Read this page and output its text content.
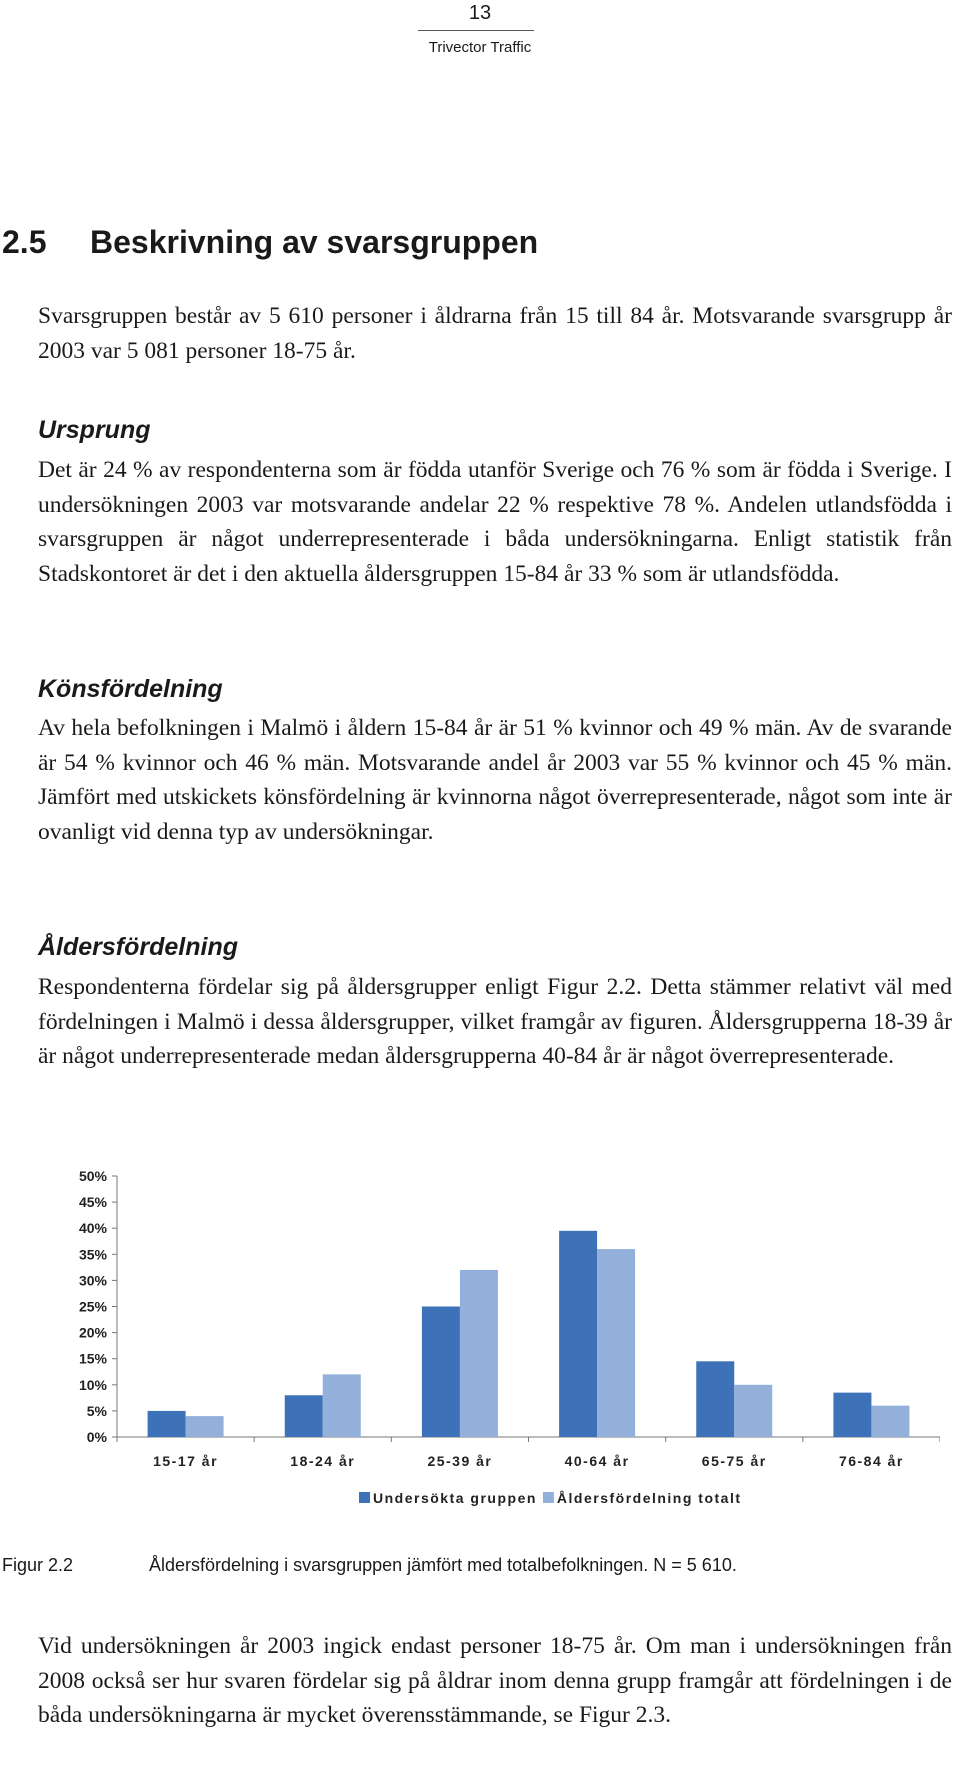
13
Trivector Traffic
2.5 Beskrivning av svarsgruppen

Svarsgruppen består av 5 610 personer i åldrarna från 15 till 84 år. Motsvarande svarsgrupp år 2003 var 5 081 personer 18-75 år.

Ursprung

Det är 24 % av respondenterna som är födda utanför Sverige och 76 % som är födda i Sverige. I undersökningen 2003 var motsvarande andelar 22 % respektive 78 %. Andelen utlandsfödda i svarsgruppen är något underrepresenterade i båda undersökningarna. Enligt statistik från Stadskontoret är det i den aktuella åldersgruppen 15-84 år 33 % som är utlandsfödda.

Könsfördelning

Av hela befolkningen i Malmö i åldern 15-84 år är 51 % kvinnor och 49 % män. Av de svarande är 54 % kvinnor och 46 % män. Motsvarande andel år 2003 var 55 % kvinnor och 45 % män. Jämfört med utskickets könsfördelning är kvinnorna något överrepresenterade, något som inte är ovanligt vid denna typ av undersökningar.

Åldersfördelning

Respondenterna fördelar sig på åldersgrupper enligt Figur 2.2. Detta stämmer relativt väl med fördelningen i Malmö i dessa åldersgrupper, vilket framgår av figuren. Åldersgrupperna 18-39 år är något underrepresenterade medan åldersgrupperna 40-84 år är något överrepresenterade.

0%
5%
10%
15%
20%
25%
30%
35%
40%
45%
50%
15-17 år	18-24 år	25-39 år	40-64 år	65-75 år	76-84 år
Undersökta gruppen Åldersfördelning totalt
Figur 2.2	Åldersfördelning i svarsgruppen jämfört med totalbefolkningen. N = 5 610.

Vid undersökningen år 2003 ingick endast personer 18-75 år. Om man i undersökningen från 2008 också ser hur svaren fördelar sig på åldrar inom denna grupp framgår att fördelningen i de båda undersökningarna är mycket överensstämmande, se Figur 2.3.
